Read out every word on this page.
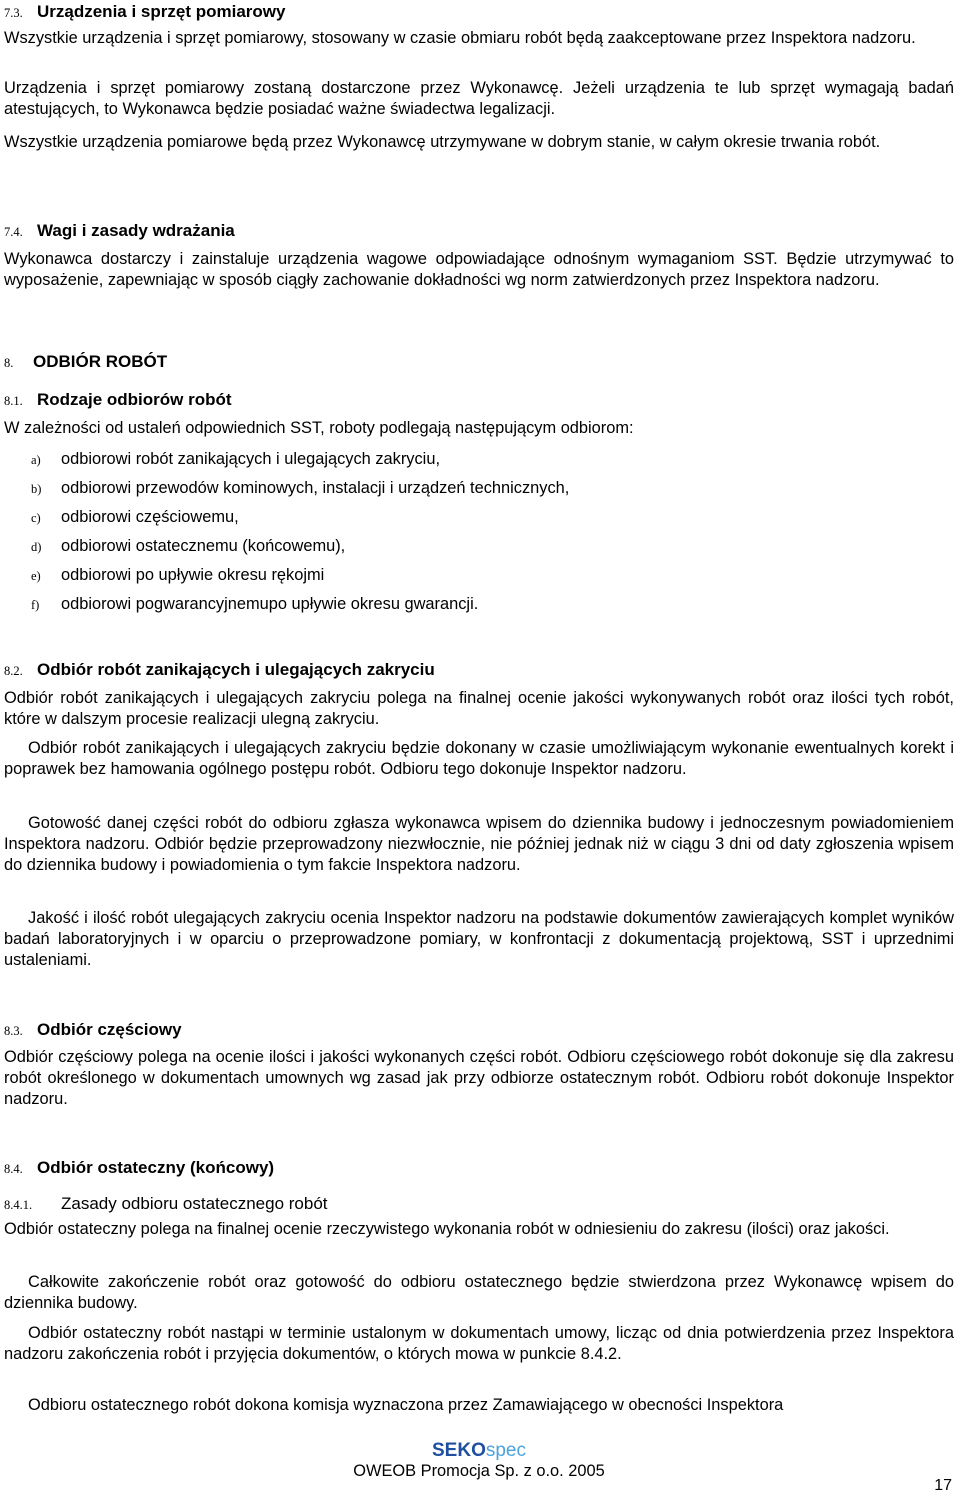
7.3. Urządzenia i sprzęt pomiarowy
Wszystkie urządzenia i sprzęt pomiarowy, stosowany w czasie obmiaru robót będą zaakceptowane przez Inspektora nadzoru.
Urządzenia i sprzęt pomiarowy zostaną dostarczone przez Wykonawcę. Jeżeli urządzenia te lub sprzęt wymagają badań atestujących, to Wykonawca będzie posiadać ważne świadectwa legalizacji.
Wszystkie urządzenia pomiarowe będą przez Wykonawcę utrzymywane w dobrym stanie, w całym okresie trwania robót.
7.4. Wagi i zasady wdrażania
Wykonawca dostarczy i zainstaluje urządzenia wagowe odpowiadające odnośnym wymaganiom SST. Będzie utrzymywać to wyposażenie, zapewniając w sposób ciągły zachowanie dokładności wg norm zatwierdzonych przez Inspektora nadzoru.
8. ODBIÓR ROBÓT
8.1. Rodzaje odbiorów robót
W zależności od ustaleń odpowiednich SST, roboty podlegają następującym odbiorom:
a) odbiorowi robót zanikających i ulegających zakryciu,
b) odbiorowi przewodów kominowych, instalacji i urządzeń technicznych,
c) odbiorowi częściowemu,
d) odbiorowi ostatecznemu (końcowemu),
e) odbiorowi po upływie okresu rękojmi
f) odbiorowi pogwarancyjnemupo upływie okresu gwarancji.
8.2. Odbiór robót zanikających i ulegających zakryciu
Odbiór robót zanikających i ulegających zakryciu polega na finalnej ocenie jakości wykonywanych robót oraz ilości tych robót, które w dalszym procesie realizacji ulegną zakryciu.
Odbiór robót zanikających i ulegających zakryciu będzie dokonany w czasie umożliwiającym wykonanie ewentualnych korekt i poprawek bez hamowania ogólnego postępu robót. Odbioru tego dokonuje Inspektor nadzoru.
Gotowość danej części robót do odbioru zgłasza wykonawca wpisem do dziennika budowy i jednoczesnym powiadomieniem Inspektora nadzoru. Odbiór będzie przeprowadzony niezwłocznie, nie później jednak niż w ciągu 3 dni od daty zgłoszenia wpisem do dziennika budowy i powiadomienia o tym fakcie Inspektora nadzoru.
Jakość i ilość robót ulegających zakryciu ocenia Inspektor nadzoru na podstawie dokumentów zawierających komplet wyników badań laboratoryjnych i w oparciu o przeprowadzone pomiary, w konfrontacji z dokumentacją projektową, SST i uprzednimi ustaleniami.
8.3. Odbiór częściowy
Odbiór częściowy polega na ocenie ilości i jakości wykonanych części robót. Odbioru częściowego robót dokonuje się dla zakresu robót określonego w dokumentach umownych wg zasad jak przy odbiorze ostatecznym robót. Odbioru robót dokonuje Inspektor nadzoru.
8.4. Odbiór ostateczny (końcowy)
8.4.1. Zasady odbioru ostatecznego robót
Odbiór ostateczny polega na finalnej ocenie rzeczywistego wykonania robót w odniesieniu do zakresu (ilości) oraz jakości.
Całkowite zakończenie robót oraz gotowość do odbioru ostatecznego będzie stwierdzona przez Wykonawcę wpisem do dziennika budowy.
Odbiór ostateczny robót nastąpi w terminie ustalonym w dokumentach umowy, licząc od dnia potwierdzenia przez Inspektora nadzoru zakończenia robót i przyjęcia dokumentów, o których mowa w punkcie 8.4.2.
Odbioru ostatecznego robót dokona komisja wyznaczona przez Zamawiającego w obecności Inspektora
SEKOspec
OWEOB Promocja Sp. z o.o. 2005
17
